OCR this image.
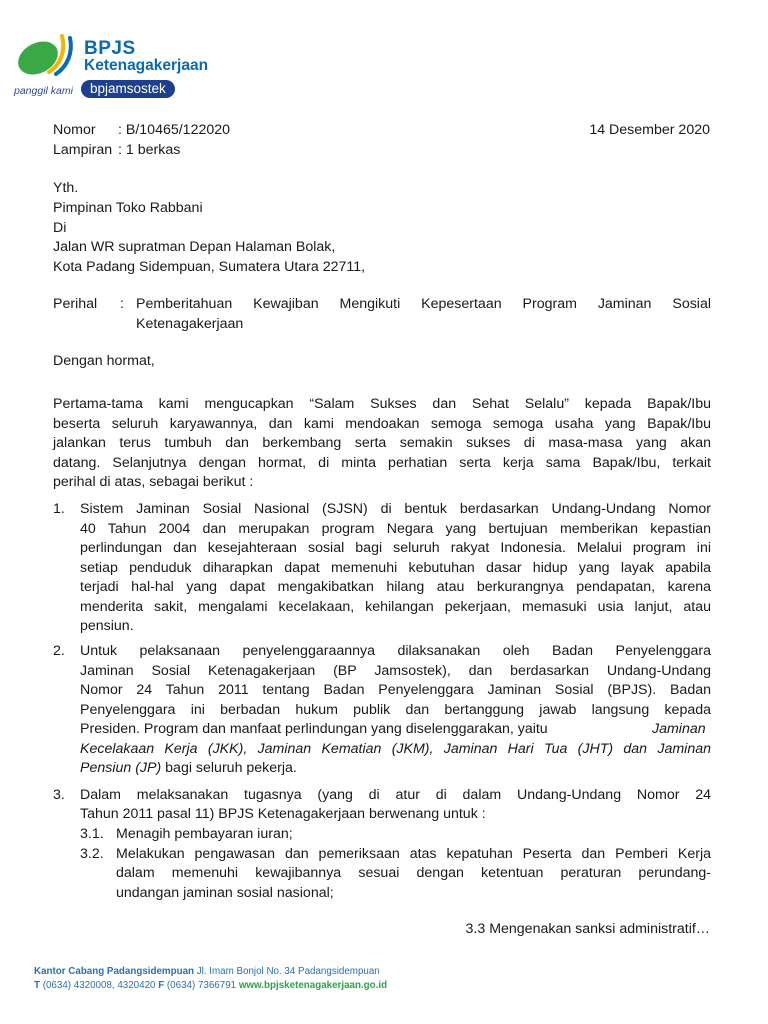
BPJS
Ketenagakerjaan
panggil kami	bpjamsostek
Nomor : B/10465/122020
Lampiran : 1 berkas
14 Desember 2020
Yth.
Pimpinan Toko Rabbani
Di
Jalan WR supratman Depan Halaman Bolak,
Kota Padang Sidempuan, Sumatera Utara 22711,
Perihal : Pemberitahuan Kewajiban Mengikuti Kepesertaan Program Jaminan Sosial
Ketenagakerjaan
Dengan hormat,
Pertama-tama kami mengucapkan “Salam Sukses dan Sehat Selalu” kepada Bapak/Ibu
beserta seluruh karyawannya, dan kami mendoakan semoga semoga usaha yang Bapak/Ibu
jalankan terus tumbuh dan berkembang serta semakin sukses di masa-masa yang akan
datang. Selanjutnya dengan hormat, di minta perhatian serta kerja sama Bapak/Ibu, terkait
perihal di atas, sebagai berikut :
1. Sistem Jaminan Sosial Nasional (SJSN) di bentuk berdasarkan Undang-Undang Nomor
40 Tahun 2004 dan merupakan program Negara yang bertujuan memberikan kepastian
perlindungan dan kesejahteraan sosial bagi seluruh rakyat Indonesia. Melalui program ini
setiap penduduk diharapkan dapat memenuhi kebutuhan dasar hidup yang layak apabila
terjadi hal-hal yang dapat mengakibatkan hilang atau berkurangnya pendapatan, karena
menderita sakit, mengalami kecelakaan, kehilangan pekerjaan, memasuki usia lanjut, atau
pensiun.
2. Untuk pelaksanaan penyelenggaraannya dilaksanakan oleh Badan Penyelenggara
Jaminan Sosial Ketenagakerjaan (BP Jamsostek), dan berdasarkan Undang-Undang
Nomor 24 Tahun 2011 tentang Badan Penyelenggara Jaminan Sosial (BPJS). Badan
Penyelenggara ini berbadan hukum publik dan bertanggung jawab langsung kepada
Presiden. Program dan manfaat perlindungan yang diselenggarakan, yaitu	Jaminan
Kecelakaan Kerja (JKK), Jaminan Kematian (JKM), Jaminan Hari Tua (JHT) dan Jaminan
Pensiun (JP) bagi seluruh pekerja.
3. Dalam melaksanakan tugasnya (yang di atur di dalam Undang-Undang Nomor 24
Tahun 2011 pasal 11) BPJS Ketenagakerjaan berwenang untuk :
3.1. Menagih pembayaran iuran;
3.2. Melakukan pengawasan dan pemeriksaan atas kepatuhan Peserta dan Pemberi Kerja
dalam memenuhi kewajibannya sesuai dengan ketentuan peraturan perundang-
undangan jaminan sosial nasional;
3.3 Mengenakan sanksi administratif…
Kantor Cabang Padangsidempuan Jl. Imam Bonjol No. 34 Padangsidempuan
T (0634) 4320008, 4320420 F (0634) 7366791 www.bpjsketenagakerjaan.go.id
